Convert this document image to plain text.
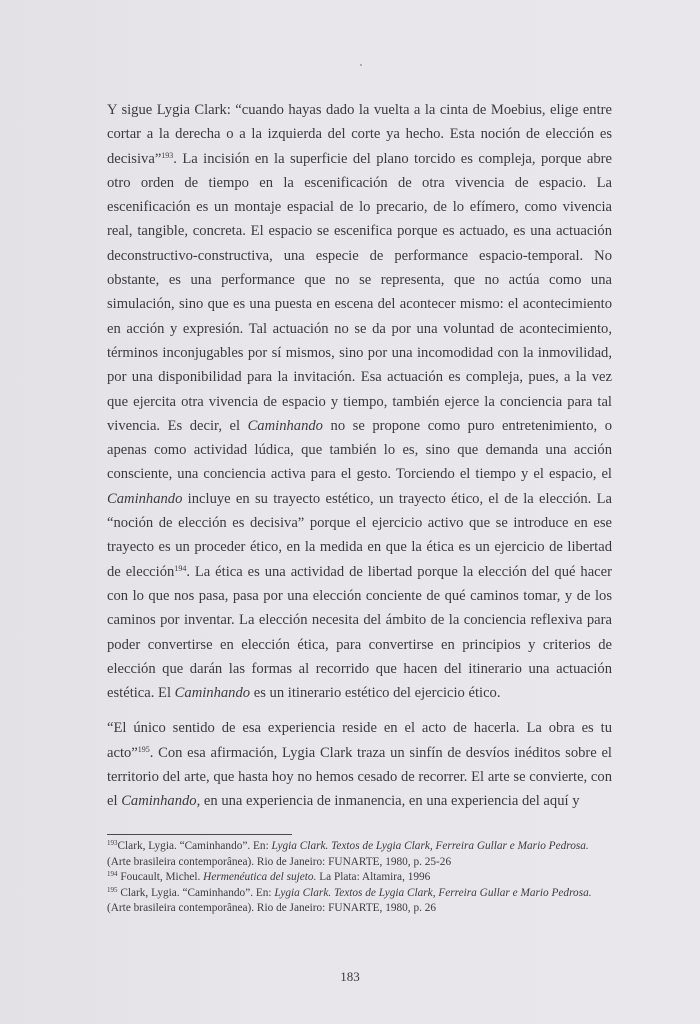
Y sigue Lygia Clark: “cuando hayas dado la vuelta a la cinta de Moebius, elige entre cortar a la derecha o a la izquierda del corte ya hecho. Esta noción de elección es decisiva”$^{193}$. La incisión en la superficie del plano torcido es compleja, porque abre otro orden de tiempo en la escenificación de otra vivencia de espacio. La escenificación es un montaje espacial de lo precario, de lo efímero, como vivencia real, tangible, concreta. El espacio se escenifica porque es actuado, es una actuación deconstructivo-constructiva, una especie de performance espacio-temporal. No obstante, es una performance que no se representa, que no actúa como una simulación, sino que es una puesta en escena del acontecer mismo: el acontecimiento en acción y expresión. Tal actuación no se da por una voluntad de acontecimiento, términos inconjugables por sí mismos, sino por una incomodidad con la inmovilidad, por una disponibilidad para la invitación. Esa actuación es compleja, pues, a la vez que ejercita otra vivencia de espacio y tiempo, también ejerce la conciencia para tal vivencia. Es decir, el Caminhando no se propone como puro entretenimiento, o apenas como actividad lúdica, que también lo es, sino que demanda una acción consciente, una conciencia activa para el gesto. Torciendo el tiempo y el espacio, el Caminhando incluye en su trayecto estético, un trayecto ético, el de la elección. La “noción de elección es decisiva” porque el ejercicio activo que se introduce en ese trayecto es un proceder ético, en la medida en que la ética es un ejercicio de libertad de elección$^{194}$. La ética es una actividad de libertad porque la elección del qué hacer con lo que nos pasa, pasa por una elección conciente de qué caminos tomar, y de los caminos por inventar. La elección necesita del ámbito de la conciencia reflexiva para poder convertirse en elección ética, para convertirse en principios y criterios de elección que darán las formas al recorrido que hacen del itinerario una actuación estética. El Caminhando es un itinerario estético del ejercicio ético.

“El único sentido de esa experiencia reside en el acto de hacerla. La obra es tu acto”$^{195}$. Con esa afirmación, Lygia Clark traza un sinfín de desvíos inéditos sobre el territorio del arte, que hasta hoy no hemos cesado de recorrer. El arte se convierte, con el Caminhando, en una experiencia de inmanencia, en una experiencia del aquí y

$^{193}$Clark, Lygia. “Caminhando”. En: Lygia Clark. Textos de Lygia Clark, Ferreira Gullar e Mario Pedrosa. (Arte brasileira contemporânea). Rio de Janeiro: FUNARTE, 1980, p. 25-26

$^{194}$ Foucault, Michel. Hermenéutica del sujeto. La Plata: Altamira, 1996

$^{195}$ Clark, Lygia. “Caminhando”. En: Lygia Clark. Textos de Lygia Clark, Ferreira Gullar e Mario Pedrosa. (Arte brasileira contemporânea). Rio de Janeiro: FUNARTE, 1980, p. 26

183
